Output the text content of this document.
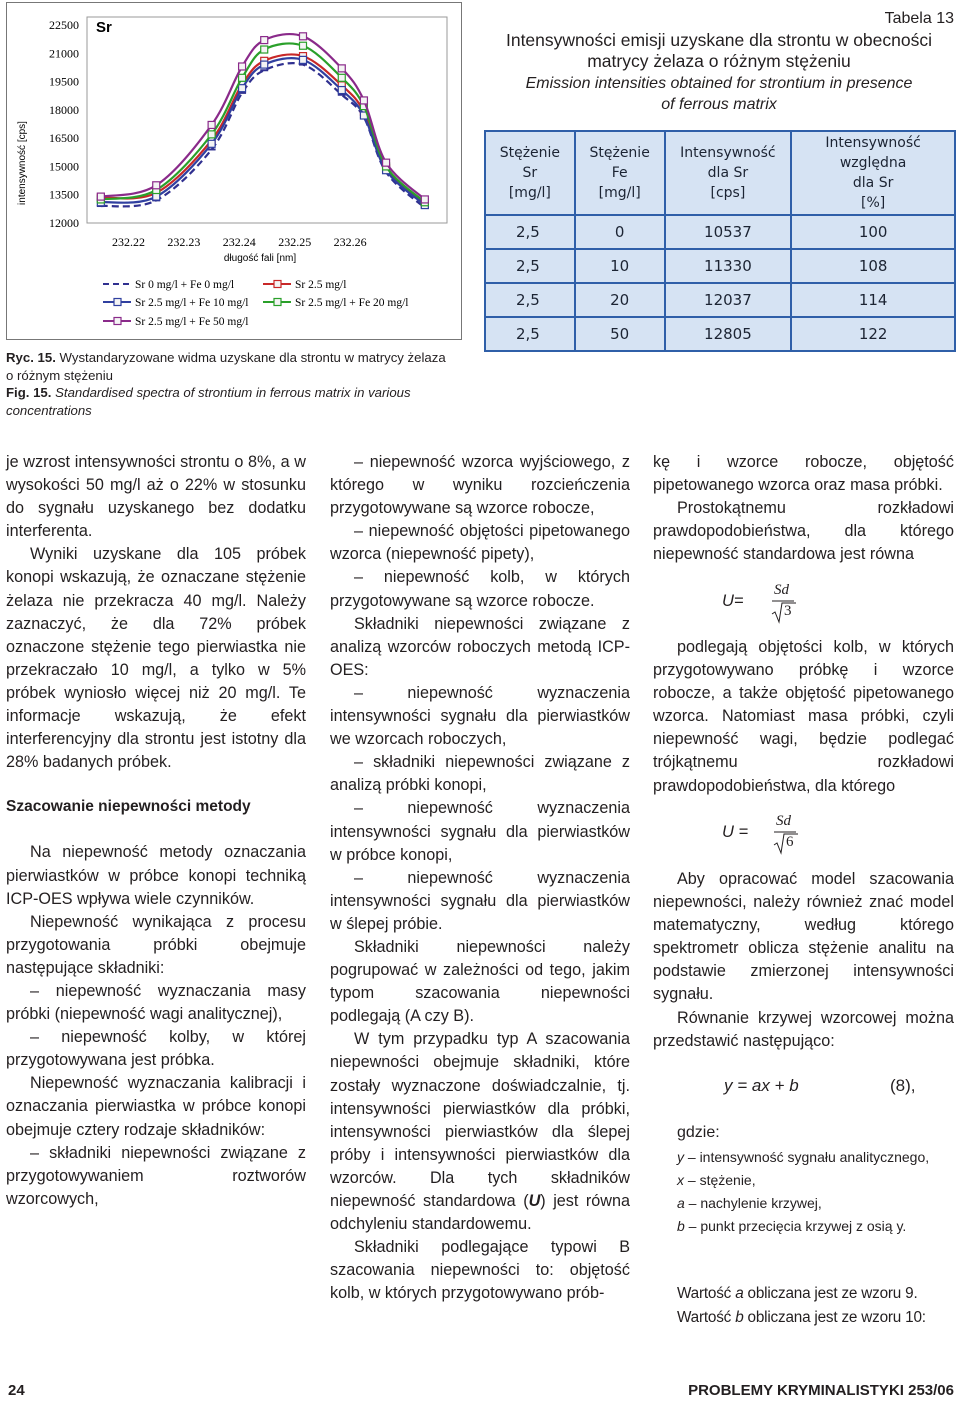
intensywność [cps]
Sr
długość fali [nm]
12000
13500
15000
16500
18000
19500
21000
22500
232.22 232.23 232.24 232.25 232.26
Sr 0 mg/l + Fe 0 mg/l
Sr 2.5 mg/l + Fe 10 mg/l
Sr 2.5 mg/l + Fe 50 mg/l
Sr 2.5 mg/l
Sr 2.5 mg/l + Fe 20 mg/l
Tabela 13
Intensywności emisji uzyskane dla strontu w obecności
matrycy żelaza o różnym stężeniu
Emission intensities obtained for strontium in presence
of ferrous matrix
Stężenie
Sr
[mg/l]	Stężenie
Fe
[mg/l]	Intensywność
dla Sr
[cps]	Intensywność względna
dla Sr
[%]
2,5	0	10537	100
2,5	10	11330	108
2,5	20	12037	114
2,5	50	12805	122
Ryc. 15. Wystandaryzowane widma uzyskane dla strontu w matrycy żelaza
o różnym stężeniu
Fig. 15. Standardised spectra of strontium in ferrous matrix in various
concentrations

je wzrost intensywności strontu o 8%, a w wysokości 50 mg/l aż o 22% w stosunku do sygnału uzyskanego bez dodatku interferenta.

Wyniki uzyskane dla 105 próbek konopi wskazują, że oznaczane stężenie żelaza nie przekracza 40 mg/l. Należy zaznaczyć, że dla 72% próbek oznaczone stężenie tego pierwiastka nie przekraczało 10 mg/l, a tylko w 5% próbek wyniosło więcej niż 20 mg/l. Te informacje wskazują, że efekt interferencyjny dla strontu jest istotny dla 28% badanych próbek.

Szacowanie niepewności metody

Na niepewność metody oznaczania pierwiastków w próbce konopi techniką ICP-OES wpływa wiele czynników.

Niepewność wynikająca z procesu przygotowania próbki obejmuje następujące składniki:

– niepewność wyznaczania masy próbki (niepewność wagi analitycznej),

– niepewność kolby, w której przygotowywana jest próbka.

Niepewność wyznaczania kalibracji i oznaczania pierwiastka w próbce konopi obejmuje cztery rodzaje składników:

– składniki niepewności związane z przygotowywaniem roztworów wzorcowych,

– niepewność wzorca wyjściowego, z którego w wyniku rozcieńczenia przygotowywane są wzorce robocze,

– niepewność objętości pipetowanego wzorca (niepewność pipety),

– niepewność kolb, w których przygotowywane są wzorce robocze.

Składniki niepewności związane z analizą wzorców roboczych metodą ICP-OES:

– niepewność wyznaczenia intensywności sygnału dla pierwiastków we wzorcach roboczych,

– składniki niepewności związane z analizą próbki konopi,

– niepewność wyznaczenia intensywności sygnału dla pierwiastków w próbce konopi,

– niepewność wyznaczenia intensywności sygnału dla pierwiastków w ślepej próbie.

Składniki niepewności należy pogrupować w zależności od tego, jakim typom szacowania niepewności podlegają (A czy B).

W tym przypadku typ A szacowania niepewności obejmuje składniki, które zostały wyznaczone doświadczalnie, tj. intensywności pierwiastków dla próbki, intensywności pierwiastków dla ślepej próby i intensywności pierwiastków dla wzorców. Dla tych składników niepewność standardowa (U) jest równa odchyleniu standardowemu.

Składniki podlegające typowi B szacowania niepewności to: objętość kolb, w których przygotowywano prób-

kę i wzorce robocze, objętość pipetowanego wzorca oraz masa próbki.

Prostokątnemu rozkładowi prawdopodobieństwa, dla którego niepewność standardowa jest równa

U=
Sd
3

podlegają objętości kolb, w których przygotowywano próbkę i wzorce robocze, a także objętość pipetowanego wzorca. Natomiast masa próbki, czyli niepewność wagi, będzie podlegać trójkątnemu rozkładowi prawdopodobieństwa, dla którego

U =
Sd
6

Aby opracować model szacowania niepewności, należy również znać model matematyczny, według którego spektrometr oblicza stężenie analitu na podstawie zmierzonej intensywności sygnału.

Równanie krzywej wzorcowej można przedstawić następująco:

y = ax + b	(8),
gdzie:
y – intensywność sygnału analitycznego,
x – stężenie,
a – nachylenie krzywej,
b – punkt przecięcia krzywej z osią y.
Wartość a obliczana jest ze wzoru 9.
Wartość b obliczana jest ze wzoru 10:
24	PROBLEMY KRYMINALISTYKI 253/06
